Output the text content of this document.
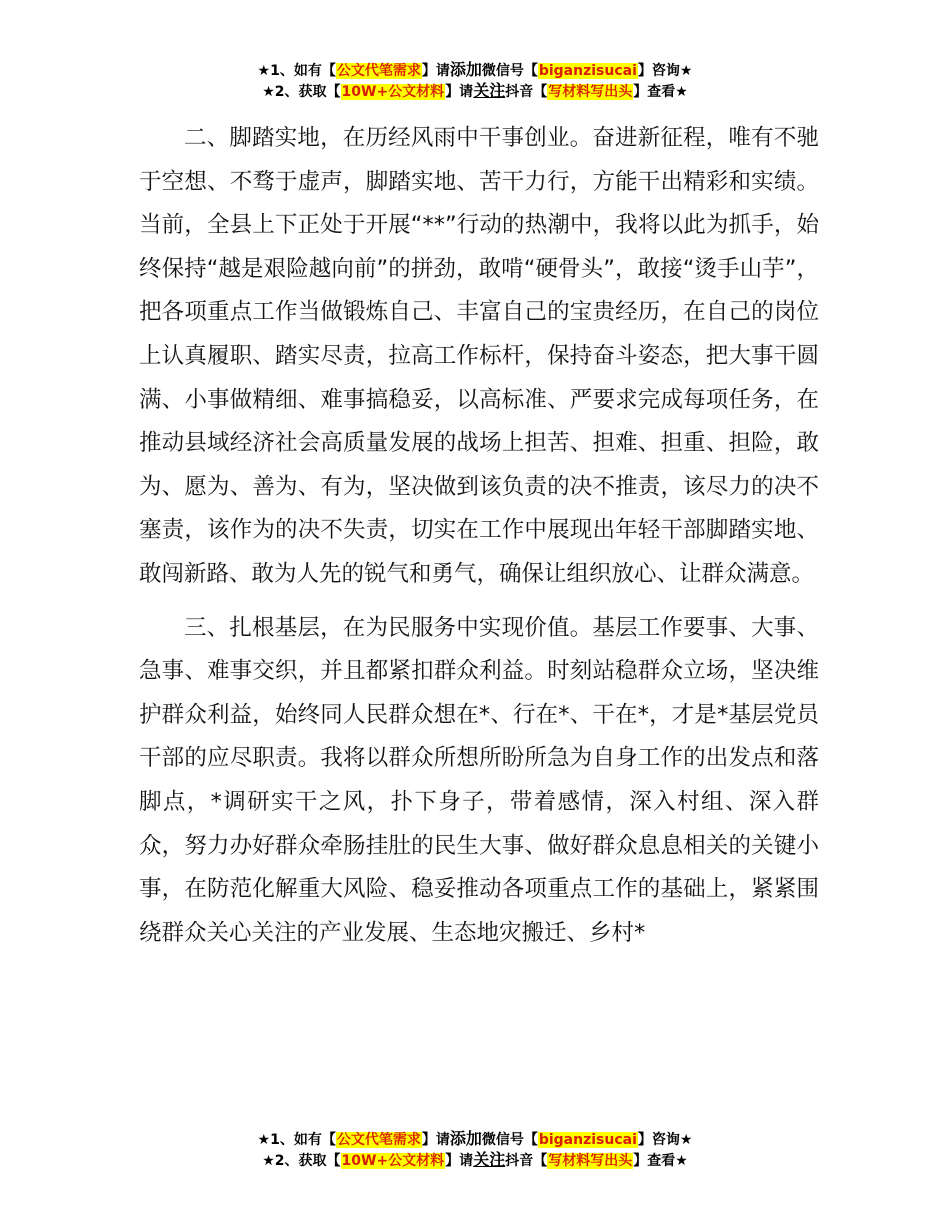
★1、如有【公文代笔需求】请添加微信号【biganzisucai】咨询★
★2、获取【10W+公文材料】请关注抖音【写材料写出头】查看★

二、脚踏实地，在历经风雨中干事创业。奋进新征程，唯有不驰于空想、不骛于虚声，脚踏实地、苦干力行，方能干出精彩和实绩。当前，全县上下正处于开展“**”行动的热潮中，我将以此为抓手，始终保持“越是艰险越向前”的拼劲，敢啃“硬骨头”，敢接“烫手山芋”，把各项重点工作当做锻炼自己、丰富自己的宝贵经历，在自己的岗位上认真履职、踏实尽责，拉高工作标杆，保持奋斗姿态，把大事干圆满、小事做精细、难事搞稳妥，以高标准、严要求完成每项任务，在推动县域经济社会高质量发展的战场上担苦、担难、担重、担险，敢为、愿为、善为、有为，坚决做到该负责的决不推责，该尽力的决不塞责，该作为的决不失责，切实在工作中展现出年轻干部脚踏实地、敢闯新路、敢为人先的锐气和勇气，确保让组织放心、让群众满意。

三、扎根基层，在为民服务中实现价值。基层工作要事、大事、急事、难事交织，并且都紧扣群众利益。时刻站稳群众立场，坚决维护群众利益，始终同人民群众想在*、行在*、干在*，才是*基层党员干部的应尽职责。我将以群众所想所盼所急为自身工作的出发点和落脚点，*调研实干之风，扑下身子，带着感情，深入村组、深入群众，努力办好群众牵肠挂肚的民生大事、做好群众息息相关的关键小事，在防范化解重大风险、稳妥推动各项重点工作的基础上，紧紧围绕群众关心关注的产业发展、生态地灾搬迁、乡村*

★1、如有【公文代笔需求】请添加微信号【biganzisucai】咨询★
★2、获取【10W+公文材料】请关注抖音【写材料写出头】查看★
